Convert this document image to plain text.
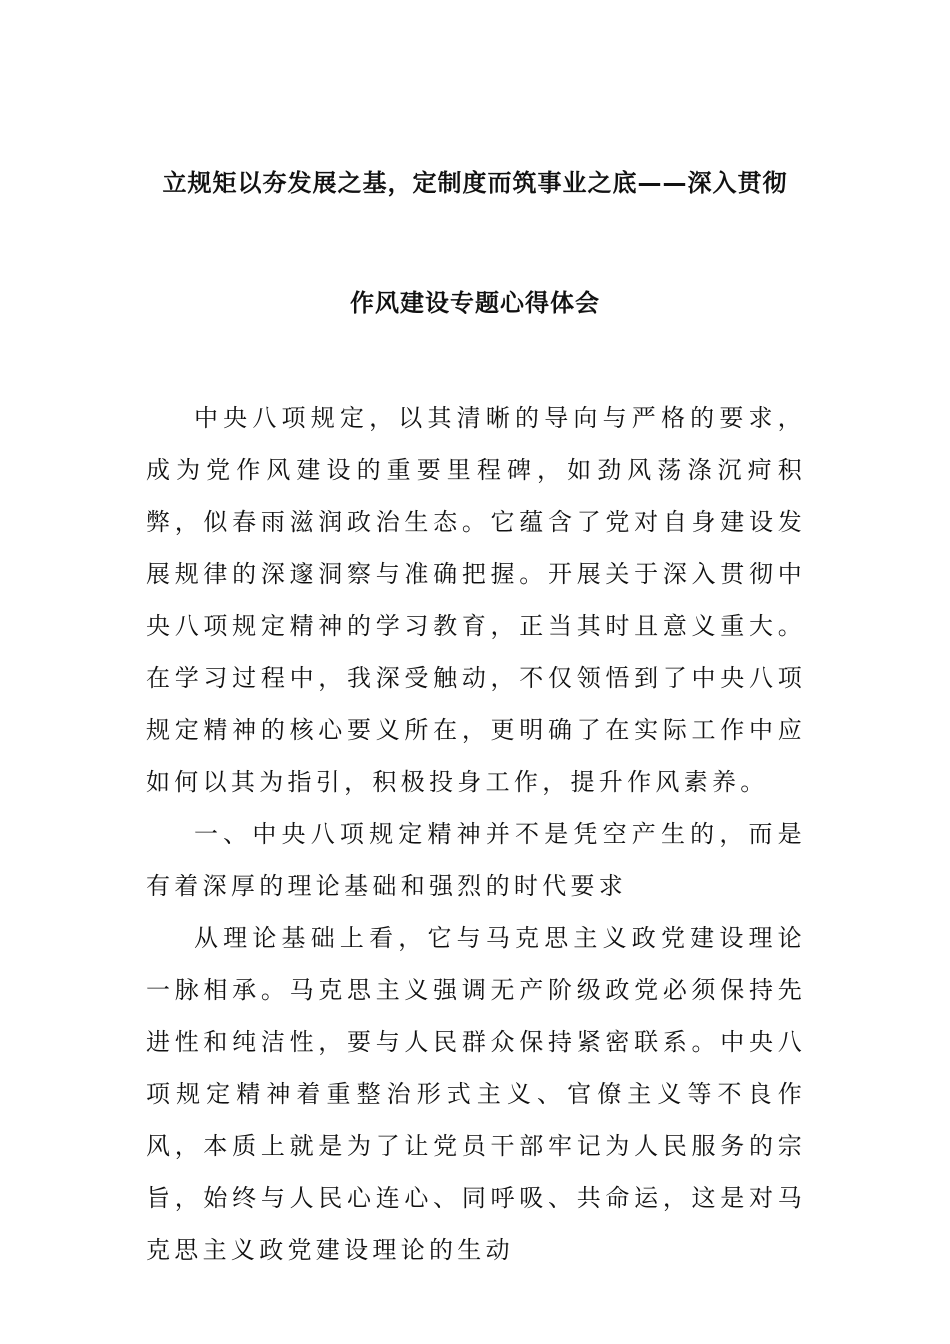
立规矩以夯发展之基，定制度而筑事业之底——深入贯彻
作风建设专题心得体会

中央八项规定，以其清晰的导向与严格的要求，成为党作风建设的重要里程碑，如劲风荡涤沉疴积弊，似春雨滋润政治生态。它蕴含了党对自身建设发展规律的深邃洞察与准确把握。开展关于深入贯彻中央八项规定精神的学习教育，正当其时且意义重大。在学习过程中，我深受触动，不仅领悟到了中央八项规定精神的核心要义所在，更明确了在实际工作中应如何以其为指引，积极投身工作，提升作风素养。

一、中央八项规定精神并不是凭空产生的，而是有着深厚的理论基础和强烈的时代要求

从理论基础上看，它与马克思主义政党建设理论一脉相承。马克思主义强调无产阶级政党必须保持先进性和纯洁性，要与人民群众保持紧密联系。中央八项规定精神着重整治形式主义、官僚主义等不良作风，本质上就是为了让党员干部牢记为人民服务的宗旨，始终与人民心连心、同呼吸、共命运，这是对马克思主义政党建设理论的生动
